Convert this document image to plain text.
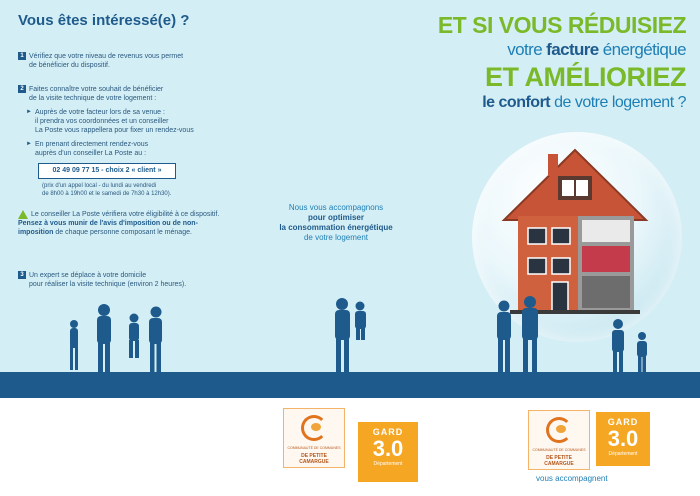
Vous êtes intéressé(e) ?
1 Vérifiez que votre niveau de revenus vous permet
de bénéficier du dispositif.
2 Faites connaître votre souhait de bénéficier
de la visite technique de votre logement :
► Auprès de votre facteur lors de sa venue :
il prendra vos coordonnées et un conseiller
La Poste vous rappellera pour fixer un rendez-vous
► En prenant directement rendez-vous
auprès d'un conseiller La Poste au :
02 49 09 77 15 - choix 2 « client »
(prix d'un appel local - du lundi au vendredi
de 8h00 à 19h00 et le samedi de 7h30 à 12h30).
Le conseiller La Poste vérifiera votre éligibilité à ce dispositif. Pensez à vous munir de l'avis d'imposition ou de non-imposition de chaque personne composant le ménage.
3 Un expert se déplace à votre domicile
pour réaliser la visite technique (environ 2 heures).
Nous vous accompagnons
pour optimiser
la consommation énergétique
de votre logement
ET SI VOUS RÉDUISIEZ
votre facture énergétique
ET AMÉLIORIEZ
le confort de votre logement ?
COMMUNAUTÉ DE COMMUNES
DE PETITE
CAMARGUE
GARD
3.0
Département
COMMUNAUTÉ DE COMMUNES
DE PETITE
CAMARGUE
GARD
3.0
Département
vous accompagnent
